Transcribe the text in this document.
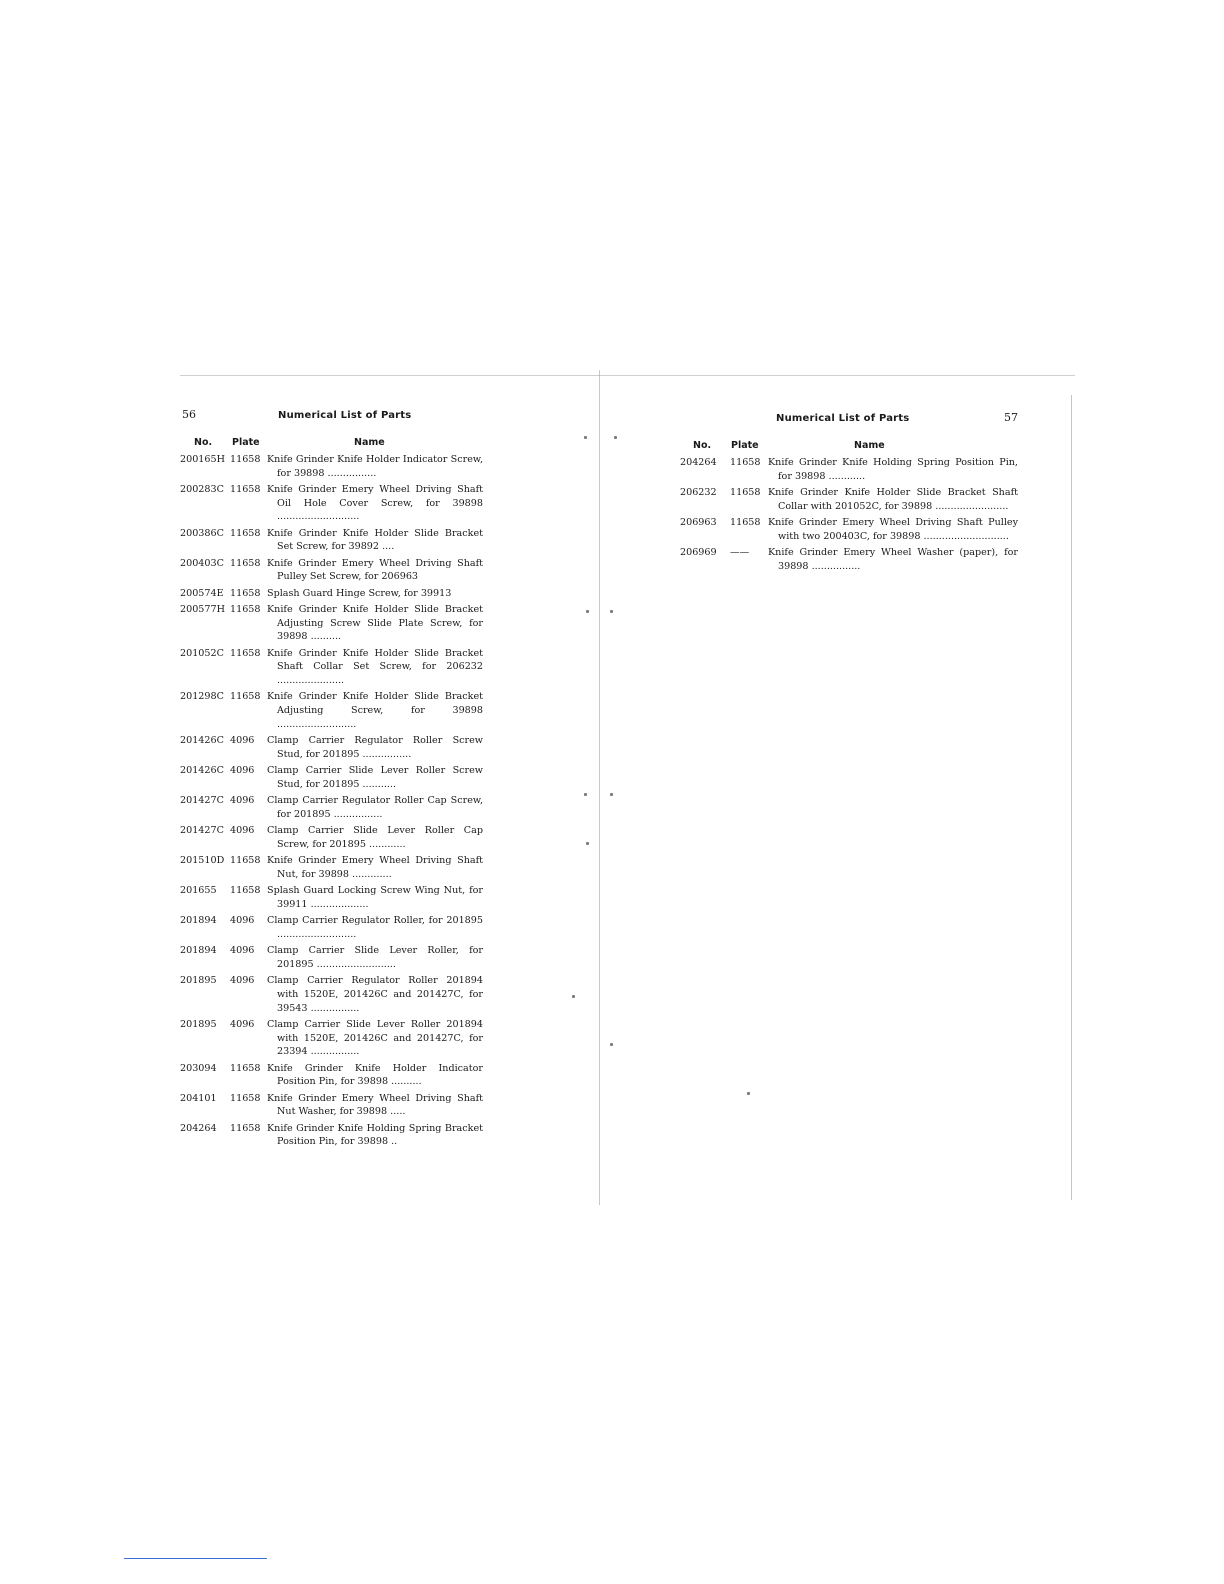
56	Numerical List of Parts
No. Plate	Name
200165H 11658 Knife Grinder Knife Holder Indicator Screw, for 39898 ................
200283C 11658 Knife Grinder Emery Wheel Driving Shaft Oil Hole Cover Screw, for 39898 ...........................
200386C 11658 Knife Grinder Knife Holder Slide Bracket Set Screw, for 39892 ....
200403C 11658 Knife Grinder Emery Wheel Driving Shaft Pulley Set Screw, for 206963
200574E 11658 Splash Guard Hinge Screw, for 39913
200577H 11658 Knife Grinder Knife Holder Slide Bracket Adjusting Screw Slide Plate Screw, for 39898 ..........
201052C 11658 Knife Grinder Knife Holder Slide Bracket Shaft Collar Set Screw, for 206232 ......................
201298C 11658 Knife Grinder Knife Holder Slide Bracket Adjusting Screw, for 39898 ..........................
201426C 4096	Clamp Carrier Regulator Roller Screw Stud, for 201895 ................
201426C 4096	Clamp Carrier Slide Lever Roller Screw Stud, for 201895 ...........
201427C 4096	Clamp Carrier Regulator Roller Cap Screw, for 201895 ................
201427C 4096	Clamp Carrier Slide Lever Roller Cap Screw, for 201895 ............
201510D 11658 Knife Grinder Emery Wheel Driving Shaft Nut, for 39898 .............
201655	11658 Splash Guard Locking Screw Wing Nut, for 39911 ...................
201894	4096	Clamp Carrier Regulator Roller, for 201895 ..........................
201894	4096	Clamp Carrier Slide Lever Roller, for 201895 ..........................
201895	4096	Clamp Carrier Regulator Roller 201894 with 1520E, 201426C and 201427C, for 39543 ................
201895	4096	Clamp Carrier Slide Lever Roller 201894 with 1520E, 201426C and 201427C, for 23394 ................
203094	11658 Knife Grinder Knife Holder Indicator Position Pin, for 39898 ..........
204101	11658 Knife Grinder Emery Wheel Driving Shaft Nut Washer, for 39898 .....
204264	11658 Knife Grinder Knife Holding Spring Bracket Position Pin, for 39898 ..
Numerical List of Parts	57
No. Plate	Name
204264	11658 Knife Grinder Knife Holding Spring Position Pin, for 39898 ............
206232	11658 Knife Grinder Knife Holder Slide Bracket Shaft Collar with 201052C, for 39898 ........................
206963	11658 Knife Grinder Emery Wheel Driving Shaft Pulley with two 200403C, for 39898 ............................
206969	——	Knife Grinder Emery Wheel Washer (paper), for 39898 ................
